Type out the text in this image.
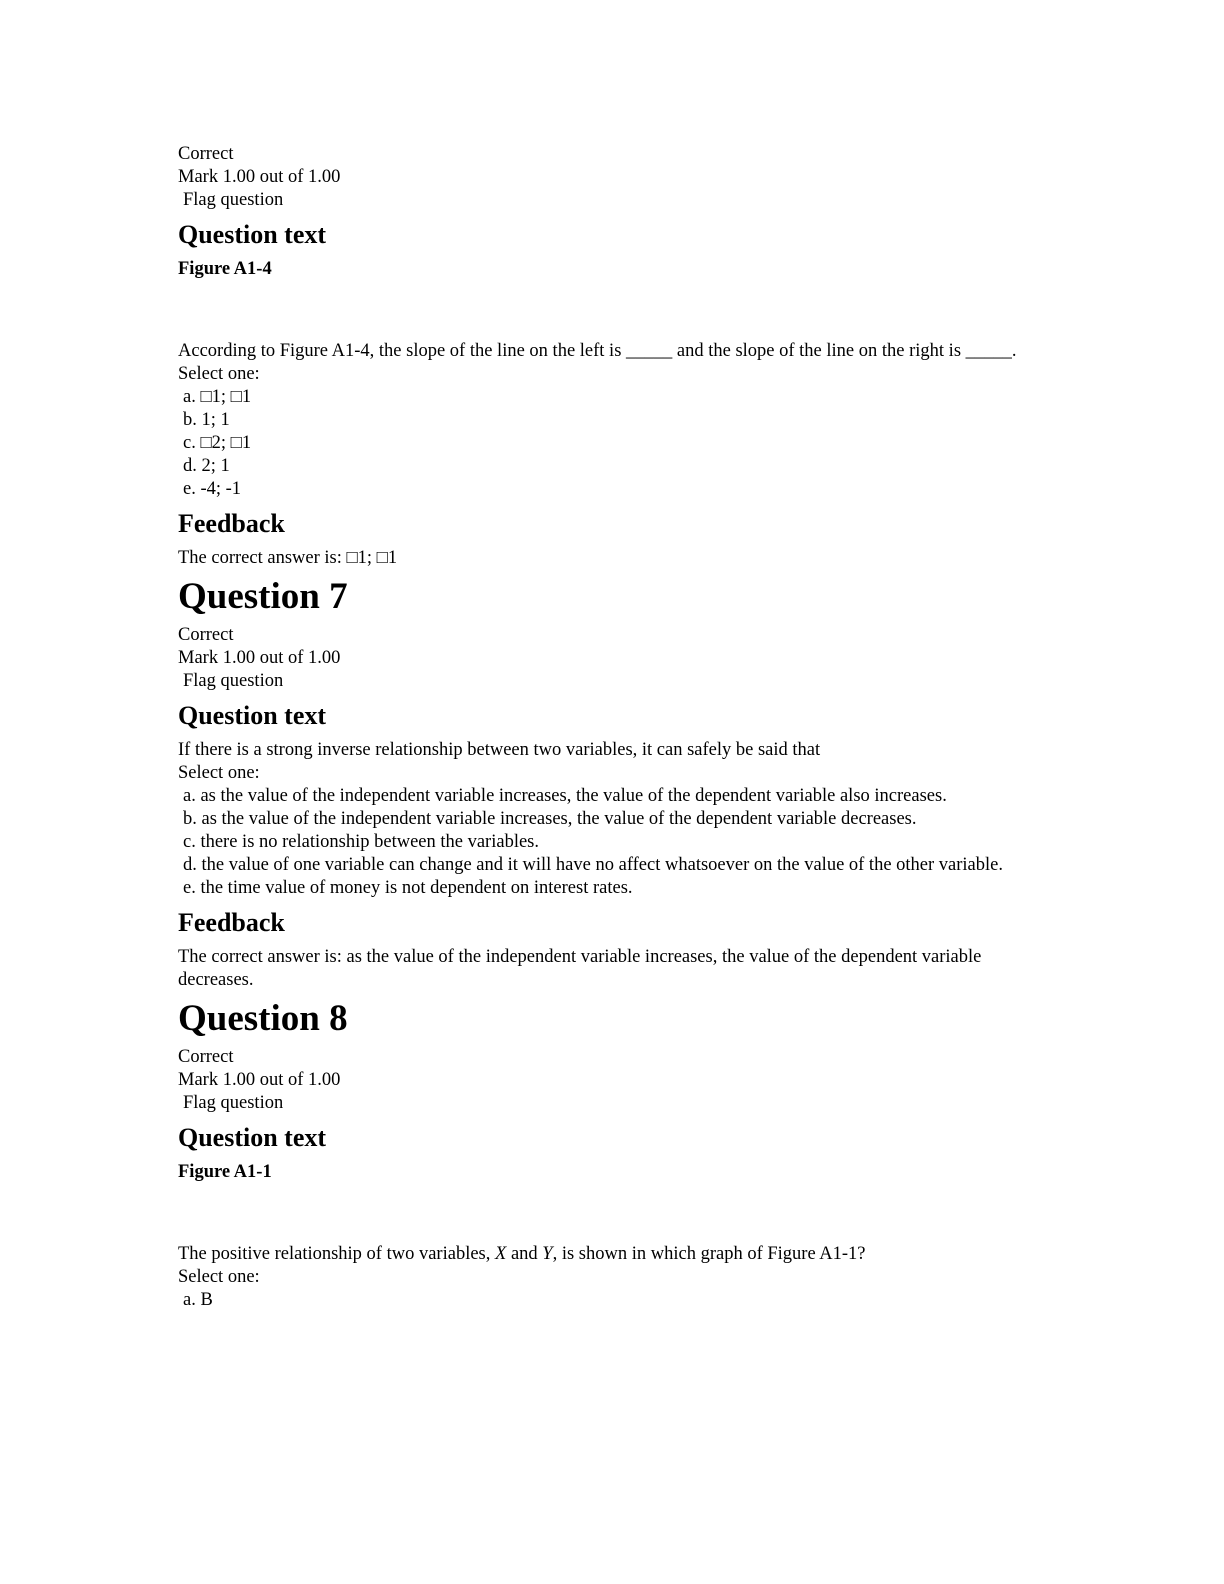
Correct

Mark 1.00 out of 1.00

Flag question

Question text

Figure A1-4

According to Figure A1-4, the slope of the line on the left is _____ and the slope of the line on the right is _____.

Select one:

a. □1; □1
b. 1; 1
c. □2; □1
d. 2; 1
e. -4; -1
Feedback

The correct answer is: □1; □1

Question 7

Correct

Mark 1.00 out of 1.00

Flag question

Question text

If there is a strong inverse relationship between two variables, it can safely be said that

Select one:

a. as the value of the independent variable increases, the value of the dependent variable also increases.
b. as the value of the independent variable increases, the value of the dependent variable decreases.
c. there is no relationship between the variables.
d. the value of one variable can change and it will have no affect whatsoever on the value of the other variable.
e. the time value of money is not dependent on interest rates.
Feedback

The correct answer is: as the value of the independent variable increases, the value of the dependent variable decreases.

Question 8

Correct

Mark 1.00 out of 1.00

Flag question

Question text

Figure A1-1

The positive relationship of two variables, X and Y, is shown in which graph of Figure A1-1?

Select one:

a. B
